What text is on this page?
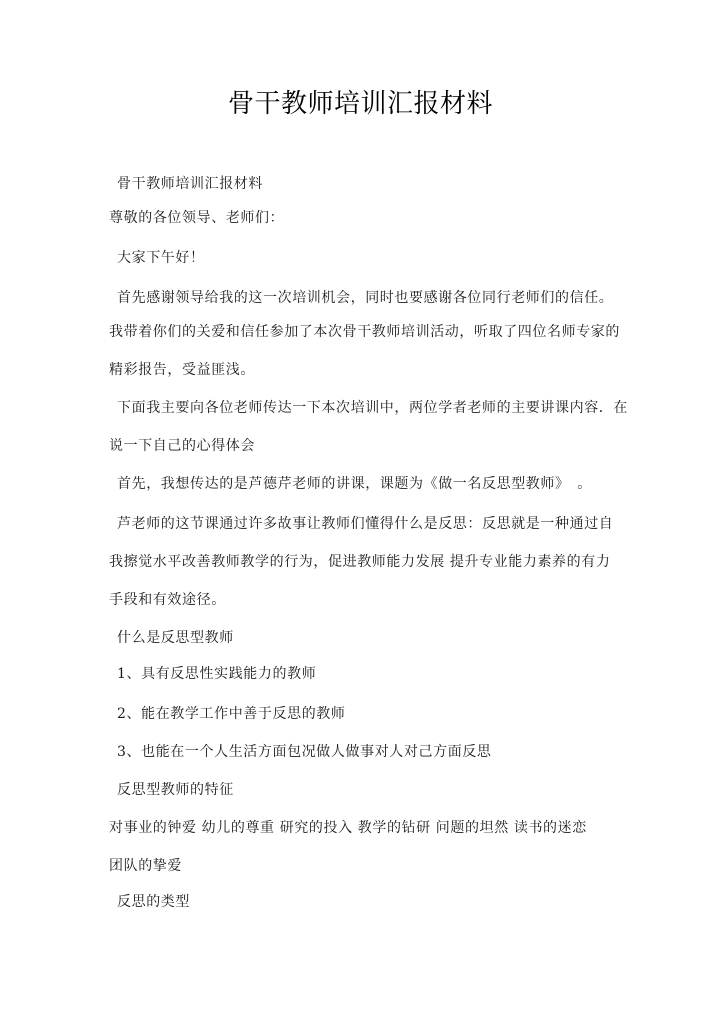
骨干教师培训汇报材料
骨干教师培训汇报材料
尊敬的各位领导、老师们：
大家下午好！
首先感谢领导给我的这一次培训机会，同时也要感谢各位同行老师们的信任。
我带着你们的关爱和信任参加了本次骨干教师培训活动，听取了四位名师专家的
精彩报告，受益匪浅。
下面我主要向各位老师传达一下本次培训中，两位学者老师的主要讲课内容．在
说一下自己的心得体会
首先，我想传达的是芦德芹老师的讲课，课题为《做一名反思型教师》　。
芦老师的这节课通过许多故事让教师们懂得什么是反思：反思就是一种通过自
我擦觉水平改善教师教学的行为，促进教师能力发展 提升专业能力素养的有力
手段和有效途径。
什么是反思型教师
1、具有反思性实践能力的教师
2、能在教学工作中善于反思的教师
3、也能在一个人生活方面包况做人做事对人对己方面反思
反思型教师的特征
对事业的钟爱 幼儿的尊重 研究的投入 教学的钻研 问题的坦然 读书的迷恋
团队的挚爱
反思的类型
